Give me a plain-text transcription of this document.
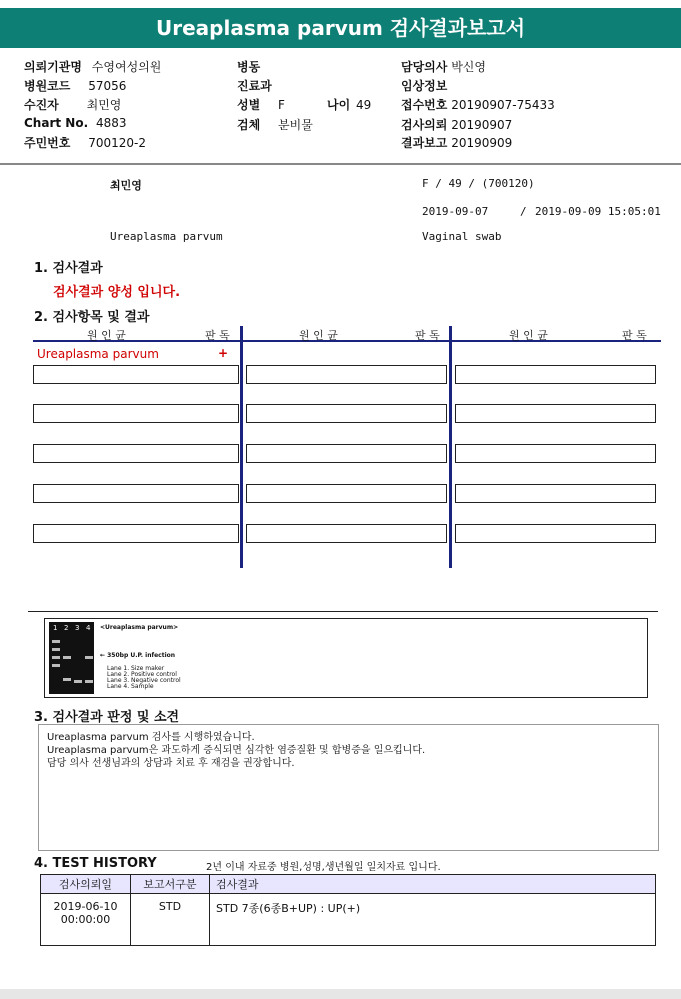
Ureaplasma parvum 검사결과보고서
의뢰기관명 수영여성의원	병동	담당의사 박신영
병원코드 57056	진료과	임상정보
수진자 최민영	성별 F	나이 49 접수번호 20190907-75433
Chart No. 4883	검체 분비물	검사의뢰 20190907
주민번호 700120-2	결과보고 20190909
최민영	F / 49 / (700120)
2019-09-07	/ 2019-09-09 15:05:01
Ureaplasma parvum	Vaginal swab
1. 검사결과
검사결과 양성 입니다.
2. 검사항목 및 결과
원 인 균	판 독	원 인 균	판 독	원 인 균	판 독
Ureaplasma parvum	+
1 2 3 4 <Ureaplasma parvum>
← 350bp U.P. infection
Lane 1. Size maker
Lane 2. Positive control
Lane 3. Negative control
Lane 4. Sample
3. 검사결과 판정 및 소견
Ureaplasma parvum 검사를 시행하였습니다.
Ureaplasma parvum은 과도하게 증식되면 심각한 염증질환 및 합병증을 일으킵니다.
담당 의사 선생님과의 상담과 치료 후 재검을 권장합니다.
4. TEST HISTORY	2년 이내 자료중 병원,성명,생년월일 일치자료 입니다.
검사의뢰일	보고서구분	검사결과

2019-06-10
00:00:00	STD	STD 7종(6종B+UP) : UP(+)
